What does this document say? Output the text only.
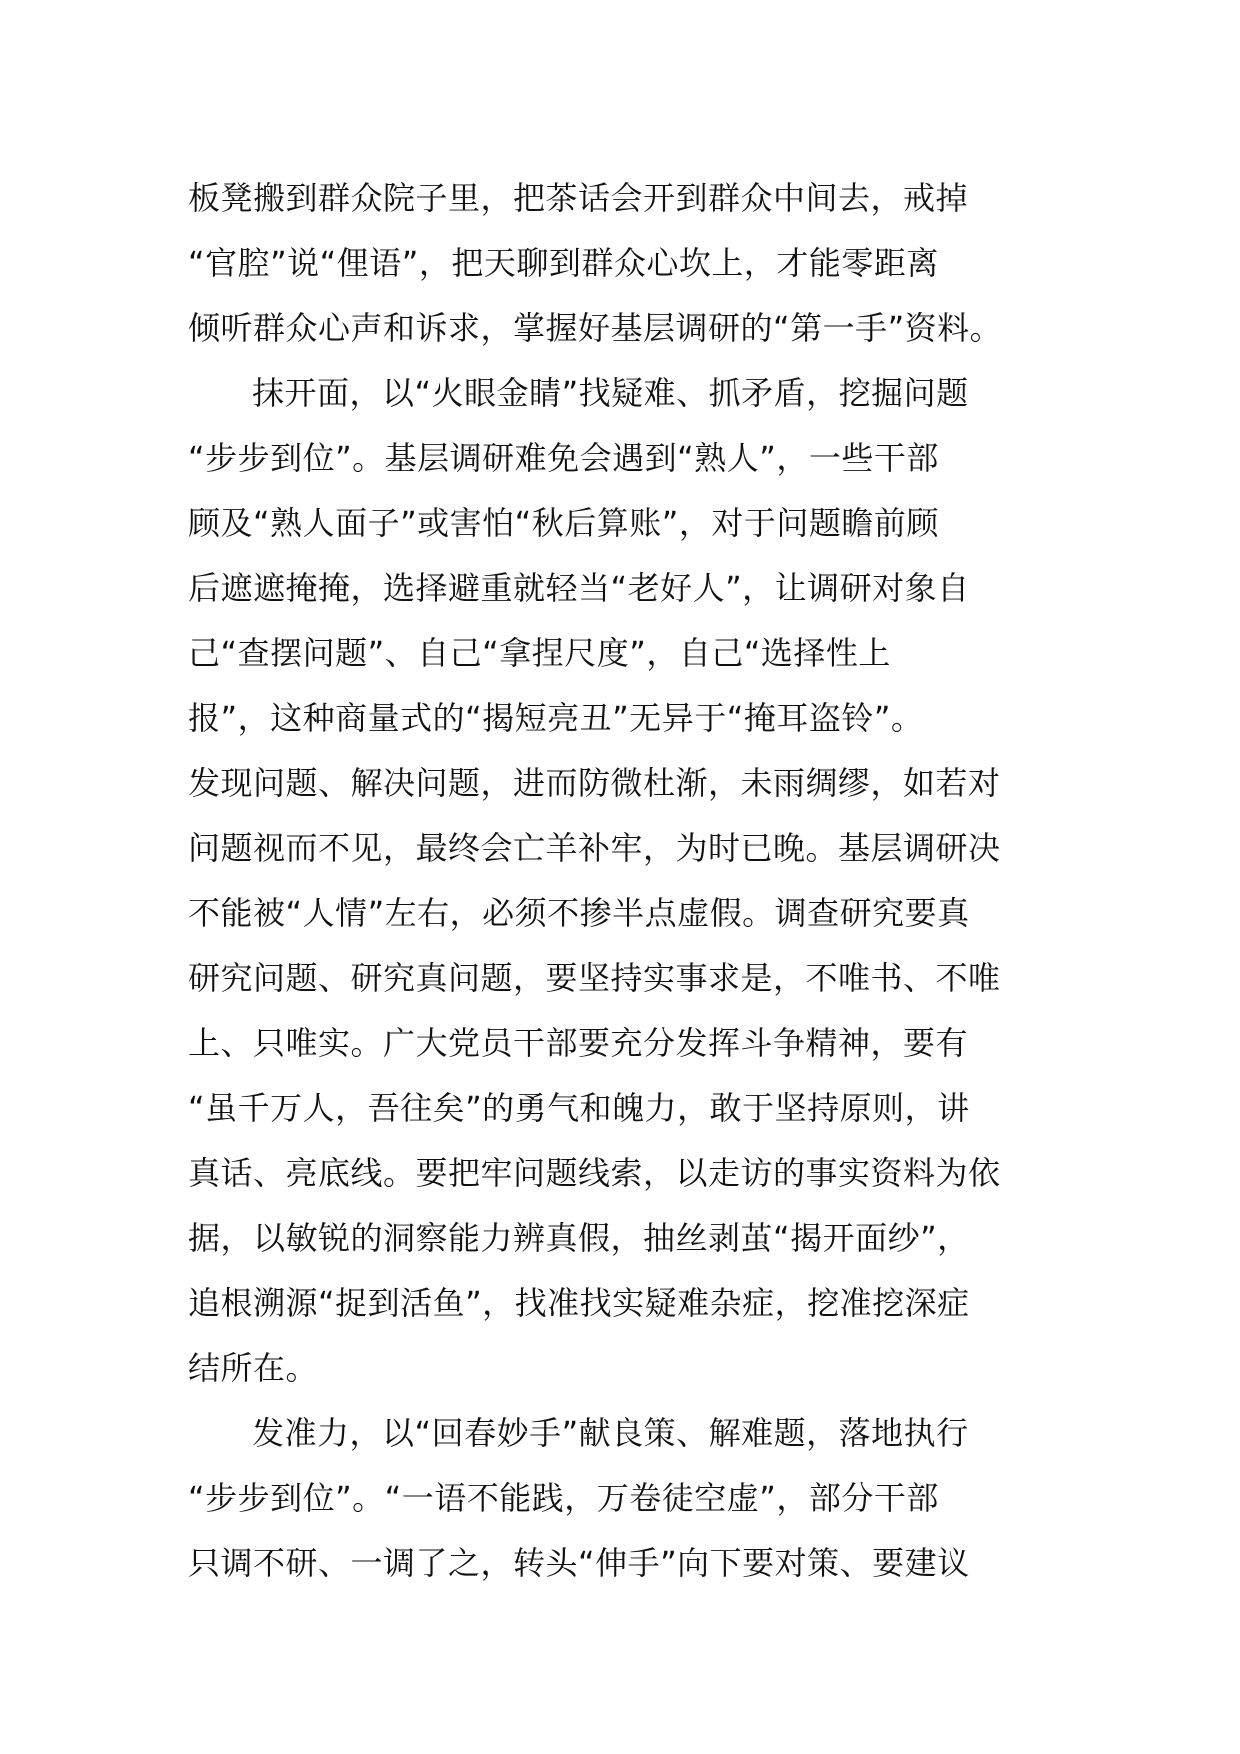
板凳搬到群众院子里，把茶话会开到群众中间去，戒掉
“官腔”说“俚语”，把天聊到群众心坎上，才能零距离
倾听群众心声和诉求，掌握好基层调研的“第一手”资料。
抹开面，以“火眼金睛”找疑难、抓矛盾，挖掘问题
“步步到位”。基层调研难免会遇到“熟人”，一些干部
顾及“熟人面子”或害怕“秋后算账”，对于问题瞻前顾
后遮遮掩掩，选择避重就轻当“老好人”，让调研对象自
己“查摆问题”、自己“拿捏尺度”，自己“选择性上
报”，这种商量式的“揭短亮丑”无异于“掩耳盗铃”。
发现问题、解决问题，进而防微杜渐，未雨绸缪，如若对
问题视而不见，最终会亡羊补牢，为时已晚。基层调研决
不能被“人情”左右，必须不掺半点虚假。调查研究要真
研究问题、研究真问题，要坚持实事求是，不唯书、不唯
上、只唯实。广大党员干部要充分发挥斗争精神，要有
“虽千万人，吾往矣”的勇气和魄力，敢于坚持原则，讲
真话、亮底线。要把牢问题线索，以走访的事实资料为依
据，以敏锐的洞察能力辨真假，抽丝剥茧“揭开面纱”，
追根溯源“捉到活鱼”，找准找实疑难杂症，挖准挖深症
结所在。
发准力，以“回春妙手”献良策、解难题，落地执行
“步步到位”。“一语不能践，万卷徒空虚”，部分干部
只调不研、一调了之，转头“伸手”向下要对策、要建议
